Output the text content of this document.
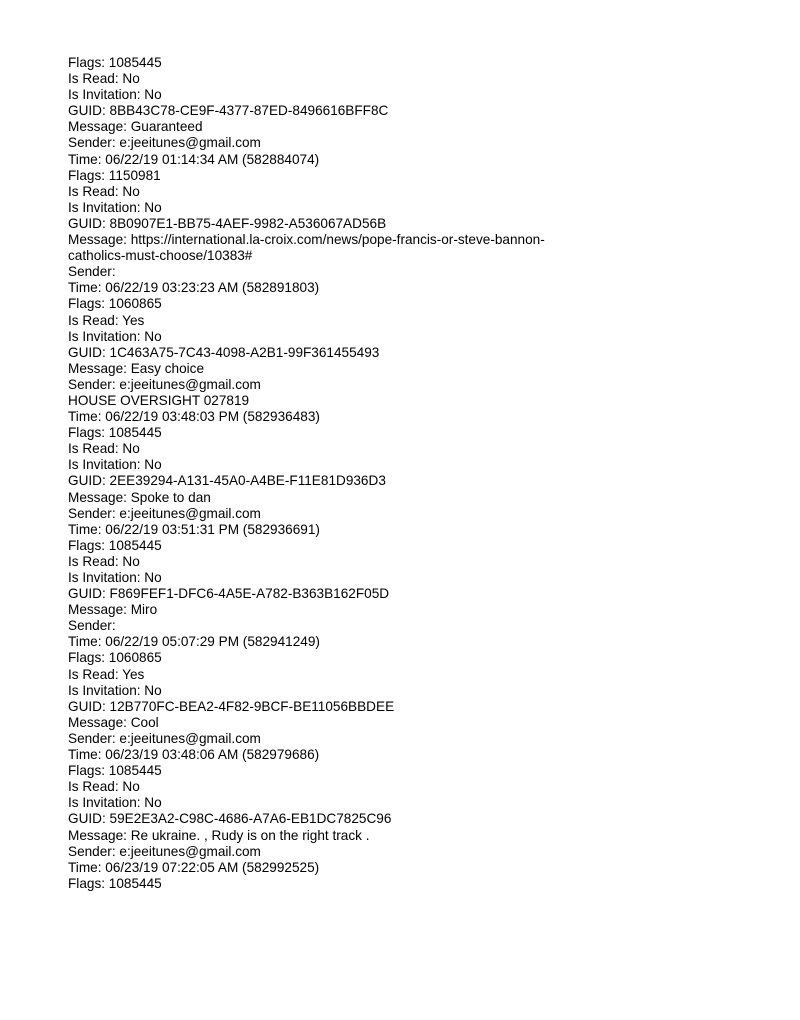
Flags: 1085445
Is Read: No
Is Invitation: No
GUID: 8BB43C78-CE9F-4377-87ED-8496616BFF8C
Message: Guaranteed
Sender: e:jeeitunes@gmail.com
Time: 06/22/19 01:14:34 AM (582884074)
Flags: 1150981
Is Read: No
Is Invitation: No
GUID: 8B0907E1-BB75-4AEF-9982-A536067AD56B
Message: https://international.la-croix.com/news/pope-francis-or-steve-bannon-
catholics-must-choose/10383#
Sender:
Time: 06/22/19 03:23:23 AM (582891803)
Flags: 1060865
Is Read: Yes
Is Invitation: No
GUID: 1C463A75-7C43-4098-A2B1-99F361455493
Message: Easy choice
Sender: e:jeeitunes@gmail.com
HOUSE OVERSIGHT 027819
Time: 06/22/19 03:48:03 PM (582936483)
Flags: 1085445
Is Read: No
Is Invitation: No
GUID: 2EE39294-A131-45A0-A4BE-F11E81D936D3
Message: Spoke to dan
Sender: e:jeeitunes@gmail.com
Time: 06/22/19 03:51:31 PM (582936691)
Flags: 1085445
Is Read: No
Is Invitation: No
GUID: F869FEF1-DFC6-4A5E-A782-B363B162F05D
Message: Miro
Sender:
Time: 06/22/19 05:07:29 PM (582941249)
Flags: 1060865
Is Read: Yes
Is Invitation: No
GUID: 12B770FC-BEA2-4F82-9BCF-BE11056BBDEE
Message: Cool
Sender: e:jeeitunes@gmail.com
Time: 06/23/19 03:48:06 AM (582979686)
Flags: 1085445
Is Read: No
Is Invitation: No
GUID: 59E2E3A2-C98C-4686-A7A6-EB1DC7825C96
Message: Re ukraine. , Rudy is on the right track .
Sender: e:jeeitunes@gmail.com
Time: 06/23/19 07:22:05 AM (582992525)
Flags: 1085445
